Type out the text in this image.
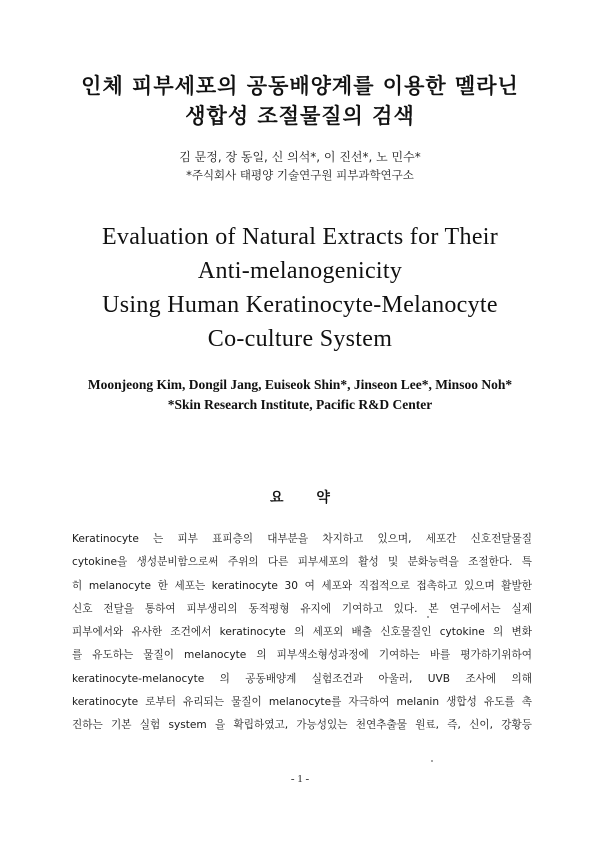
인체 피부세포의 공동배양계를 이용한 멜라닌
생합성 조절물질의 검색
김 문정, 장 동일, 신 의석*, 이 진선*, 노 민수*
*주식회사 태평양 기술연구원 피부과학연구소
Evaluation of Natural Extracts for Their
Anti-melanogenicity
Using Human Keratinocyte-Melanocyte
Co-culture System
Moonjeong Kim, Dongil Jang, Euiseok Shin*, Jinseon Lee*, Minsoo Noh*
*Skin Research Institute, Pacific R&D Center
요 약
Keratinocyte 는 피부 표피층의 대부분을 차지하고 있으며, 세포간 신호전달물질
cytokine을 생성분비함으로써 주위의 다른 피부세포의 활성 및 분화능력을 조절한다. 특
히 melanocyte 한 세포는 keratinocyte 30 여 세포와 직접적으로 접촉하고 있으며 활발한
신호 전달을 통하여 피부생리의 동적평형 유지에 기여하고 있다. 본 연구에서는 실제
피부에서와 유사한 조건에서 keratinocyte 의 세포외 배출 신호물질인 cytokine 의 변화
를 유도하는 물질이 melanocyte 의 피부색소형성과정에 기여하는 바를 평가하기위하여
keratinocyte-melanocyte 의 공동배양계 실험조건과 아울러, UVB 조사에 의해
keratinocyte 로부터 유리되는 물질이 melanocyte를 자극하여 melanin 생합성 유도를 촉
진하는 기본 실험 system 을 확립하였고, 가능성있는 천연추출물 원료, 즉, 신이, 강황등
- 1 -
